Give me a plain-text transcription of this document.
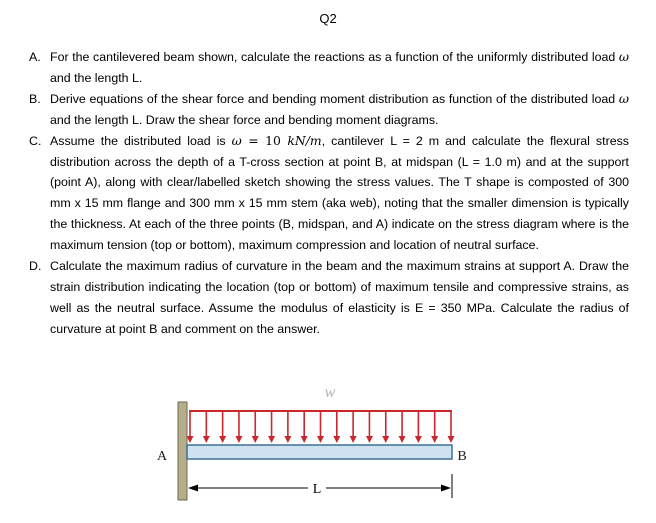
Q2
A. For the cantilevered beam shown, calculate the reactions as a function of the uniformly distributed load ω and the length L.
B. Derive equations of the shear force and bending moment distribution as function of the distributed load ω and the length L. Draw the shear force and bending moment diagrams.
C. Assume the distributed load is ω = 10 kN/m, cantilever L = 2 m and calculate the flexural stress distribution across the depth of a T-cross section at point B, at midspan (L = 1.0 m) and at the support (point A), along with clear/labelled sketch showing the stress values. The T shape is composted of 300 mm x 15 mm flange and 300 mm x 15 mm stem (aka web), noting that the smaller dimension is typically the thickness. At each of the three points (B, midspan, and A) indicate on the stress diagram where is the maximum tension (top or bottom), maximum compression and location of neutral surface.
D. Calculate the maximum radius of curvature in the beam and the maximum strains at support A. Draw the strain distribution indicating the location (top or bottom) of maximum tensile and compressive strains, as well as the neutral surface. Assume the modulus of elasticity is E = 350 MPa. Calculate the radius of curvature at point B and comment on the answer.
w
A	B
L
